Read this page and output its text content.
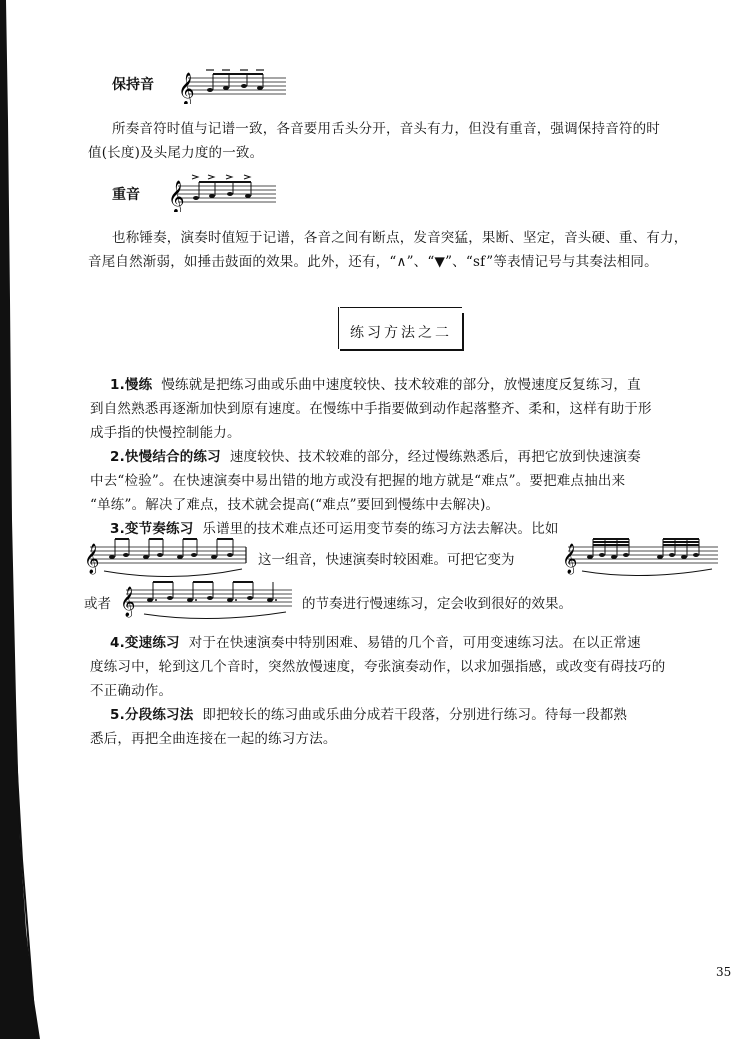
保持音 𝄞
所奏音符时值与记谱一致，各音要用舌头分开，音头有力，但没有重音，强调保持音符的时
值(长度)及头尾力度的一致。
重音 𝄞
也称锤奏，演奏时值短于记谱，各音之间有断点，发音突猛，果断、坚定，音头硬、重、有力，
音尾自然渐弱，如捶击鼓面的效果。此外，还有，“∧”、“▼”、“sf”等表情记号与其奏法相同。
练习方法之二
1.慢练 慢练就是把练习曲或乐曲中速度较快、技术较难的部分，放慢速度反复练习，直
到自然熟悉再逐渐加快到原有速度。在慢练中手指要做到动作起落整齐、柔和，这样有助于形
成手指的快慢控制能力。
2.快慢结合的练习 速度较快、技术较难的部分，经过慢练熟悉后，再把它放到快速演奏
中去“检验”。在快速演奏中易出错的地方或没有把握的地方就是“难点”。要把难点抽出来
“单练”。解决了难点，技术就会提高(“难点”要回到慢练中去解决)。
3.变节奏练习 乐谱里的技术难点还可运用变节奏的练习方法去解决。比如
𝄞	这一组音，快速演奏时较困难。可把它变为 𝄞
或者 𝄞	的节奏进行慢速练习，定会收到很好的效果。
4.变速练习 对于在快速演奏中特别困难、易错的几个音，可用变速练习法。在以正常速
度练习中，轮到这几个音时，突然放慢速度，夸张演奏动作，以求加强指感，或改变有碍技巧的
不正确动作。
5.分段练习法 即把较长的练习曲或乐曲分成若干段落，分别进行练习。待每一段都熟
悉后，再把全曲连接在一起的练习方法。
35
